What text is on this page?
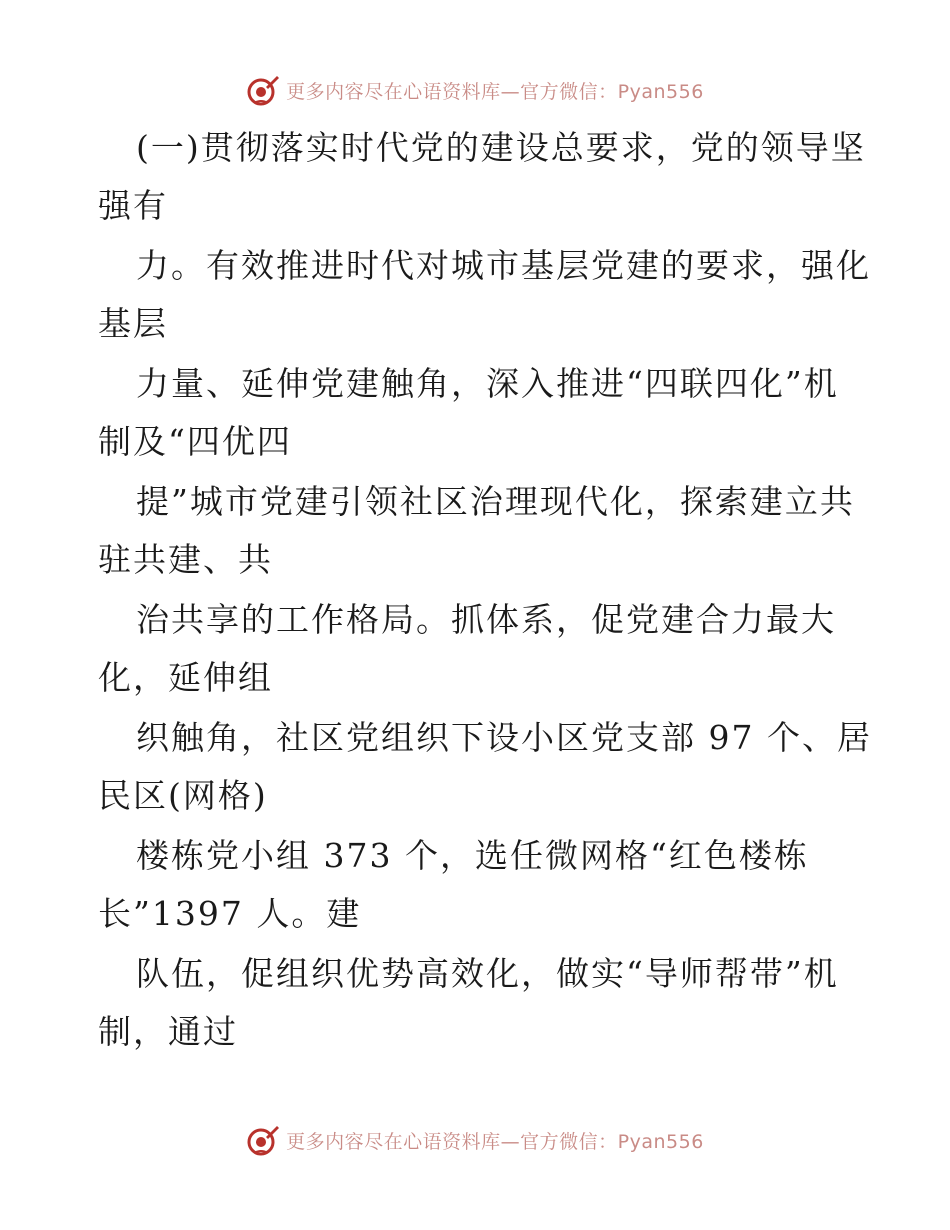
更多内容尽在心语资料库—官方微信：Pyan556
(一)贯彻落实时代党的建设总要求，党的领导坚
强有
力。有效推进时代对城市基层党建的要求，强化
基层
力量、延伸党建触角，深入推进“四联四化”机
制及“四优四
提”城市党建引领社区治理现代化，探索建立共
驻共建、共
治共享的工作格局。抓体系，促党建合力最大
化，延伸组
织触角，社区党组织下设小区党支部 97 个、居
民区(网格)
楼栋党小组 373 个，选任微网格“红色楼栋
长”1397 人。建
队伍，促组织优势高效化，做实“导师帮带”机
制，通过
更多内容尽在心语资料库—官方微信：Pyan556
